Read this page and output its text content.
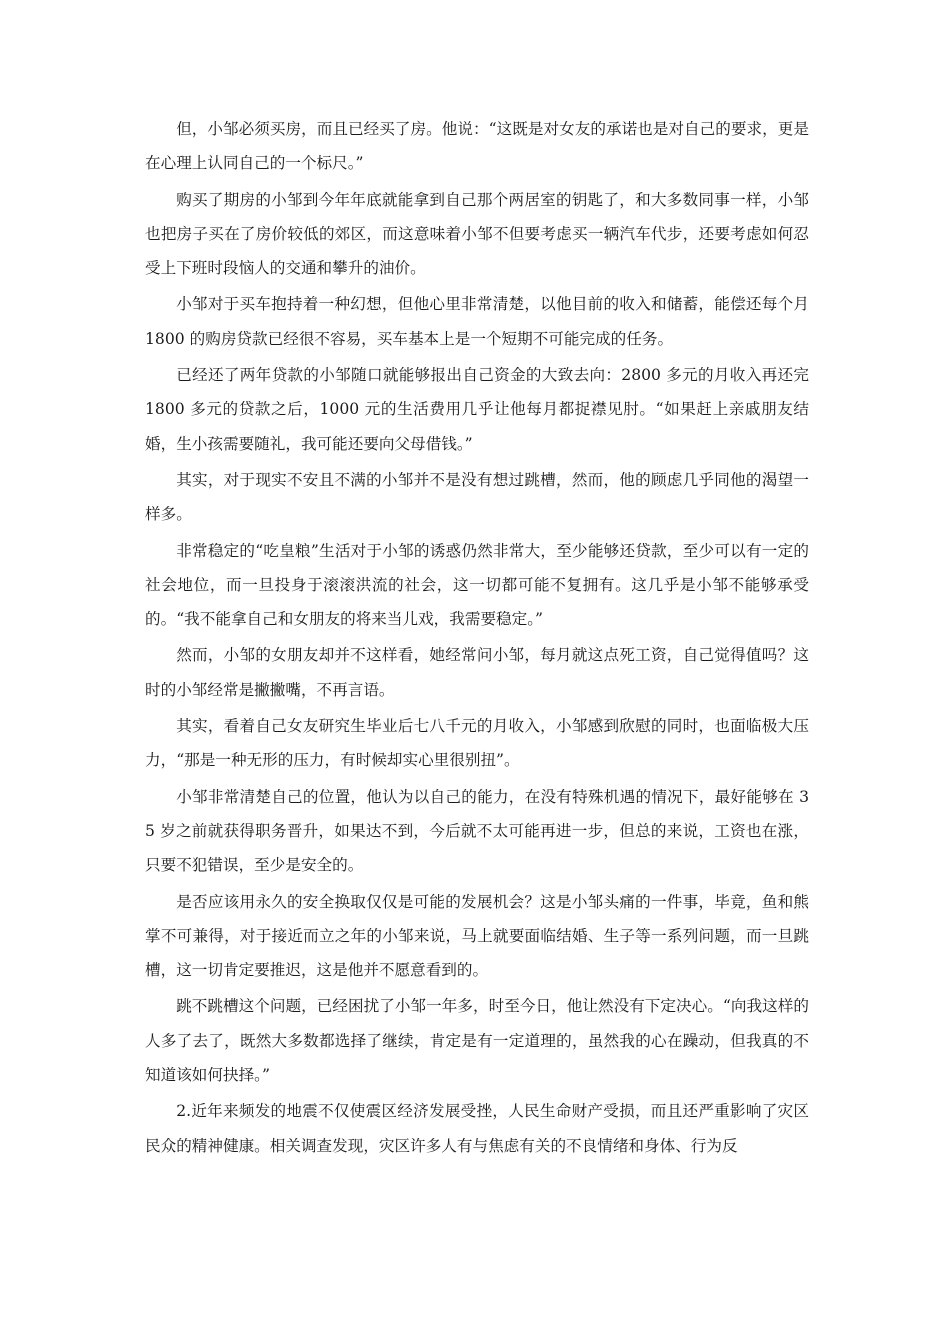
但，小邹必须买房，而且已经买了房。他说：“这既是对女友的承诺也是对自己的要求，更是在心理上认同自己的一个标尺。”

购买了期房的小邹到今年年底就能拿到自己那个两居室的钥匙了，和大多数同事一样，小邹也把房子买在了房价较低的郊区，而这意味着小邹不但要考虑买一辆汽车代步，还要考虑如何忍受上下班时段恼人的交通和攀升的油价。

小邹对于买车抱持着一种幻想，但他心里非常清楚，以他目前的收入和储蓄，能偿还每个月 1800 的购房贷款已经很不容易，买车基本上是一个短期不可能完成的任务。

已经还了两年贷款的小邹随口就能够报出自己资金的大致去向：2800 多元的月收入再还完 1800 多元的贷款之后，1000 元的生活费用几乎让他每月都捉襟见肘。“如果赶上亲戚朋友结婚，生小孩需要随礼，我可能还要向父母借钱。”

其实，对于现实不安且不满的小邹并不是没有想过跳槽，然而，他的顾虑几乎同他的渴望一样多。

非常稳定的“吃皇粮”生活对于小邹的诱惑仍然非常大，至少能够还贷款，至少可以有一定的社会地位，而一旦投身于滚滚洪流的社会，这一切都可能不复拥有。这几乎是小邹不能够承受的。“我不能拿自己和女朋友的将来当儿戏，我需要稳定。”

然而，小邹的女朋友却并不这样看，她经常问小邹，每月就这点死工资，自己觉得值吗？这时的小邹经常是撇撇嘴，不再言语。

其实，看着自己女友研究生毕业后七八千元的月收入，小邹感到欣慰的同时，也面临极大压力，“那是一种无形的压力，有时候却实心里很别扭”。

小邹非常清楚自己的位置，他认为以自己的能力，在没有特殊机遇的情况下，最好能够在 35 岁之前就获得职务晋升，如果达不到，今后就不太可能再进一步，但总的来说，工资也在涨，只要不犯错误，至少是安全的。

是否应该用永久的安全换取仅仅是可能的发展机会？这是小邹头痛的一件事，毕竟，鱼和熊掌不可兼得，对于接近而立之年的小邹来说，马上就要面临结婚、生子等一系列问题，而一旦跳槽，这一切肯定要推迟，这是他并不愿意看到的。

跳不跳槽这个问题，已经困扰了小邹一年多，时至今日，他让然没有下定决心。“向我这样的人多了去了，既然大多数都选择了继续，肯定是有一定道理的，虽然我的心在躁动，但我真的不知道该如何抉择。”

2.近年来频发的地震不仅使震区经济发展受挫，人民生命财产受损，而且还严重影响了灾区民众的精神健康。相关调查发现，灾区许多人有与焦虑有关的不良情绪和身体、行为反
